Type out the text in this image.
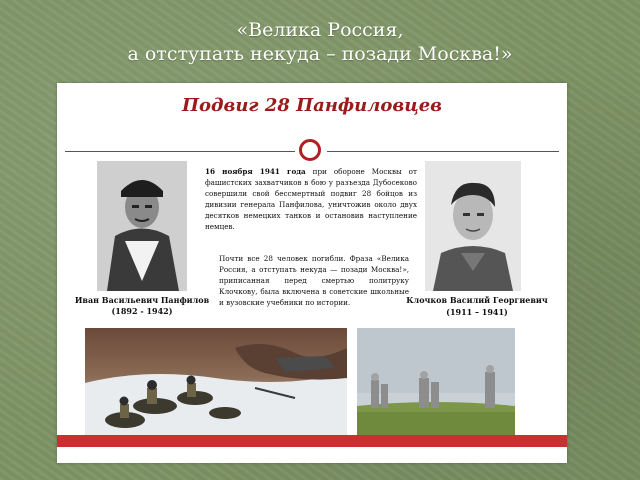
«Велика Россия,
а отступать некуда – позади Москва!»
Подвиг 28 Панфиловцев
Иван Васильевич Панфилов
(1892 - 1942)
Клочков Василий Георгиевич
(1911 – 1941)
16 ноября 1941 года при обороне Москвы от фашистских захватчиков в бою у разъезда Дубосеково совершили свой бессмертный подвиг 28 бойцов из дивизии генерала Панфилова, уничтожив около двух десятков немецких танков и остановив наступление немцев.
Почти все 28 человек погибли. Фраза «Велика Россия, а отступать некуда — позади Москва!», приписанная перед смертью политруку Клочкову, была включена в советские школьные и вузовские учебники по истории.
